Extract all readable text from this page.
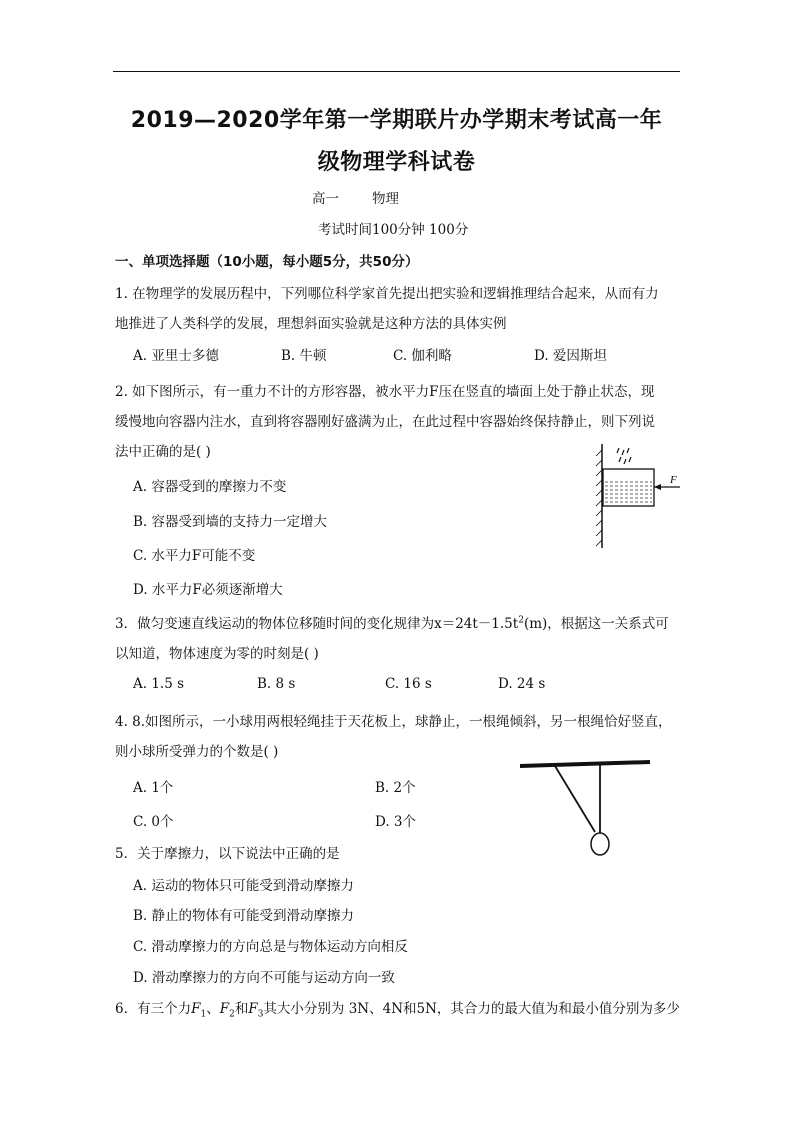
2019—2020学年第一学期联片办学期末考试高一年
级物理学科试卷
高一 物理
考试时间100分钟 100分
一、单项选择题（10小题，每小题5分，共50分）
1. 在物理学的发展历程中，下列哪位科学家首先提出把实验和逻辑推理结合起来，从而有力
地推进了人类科学的发展，理想斜面实验就是这种方法的具体实例
A. 亚里士多德	B. 牛顿	C. 伽利略	D. 爱因斯坦
2. 如下图所示，有一重力不计的方形容器，被水平力F压在竖直的墙面上处于静止状态，现
缓慢地向容器内注水，直到将容器刚好盛满为止，在此过程中容器始终保持静止，则下列说
法中正确的是( )
A. 容器受到的摩擦力不变
B. 容器受到墙的支持力一定增大
C. 水平力F可能不变
D. 水平力F必须逐渐增大
F
3．做匀变速直线运动的物体位移随时间的变化规律为$x=24t-1.5t^2(m)$，根据这一关系式可
以知道，物体速度为零的时刻是( )
A. 1.5 s	B. 8 s	C. 16 s	D. 24 s
4. 8.如图所示，一小球用两根轻绳挂于天花板上，球静止，一根绳倾斜，另一根绳恰好竖直，
则小球所受弹力的个数是( )
A. 1个	B. 2个
C. 0个	D. 3个
5．关于摩擦力，以下说法中正确的是
A. 运动的物体只可能受到滑动摩擦力
B. 静止的物体有可能受到滑动摩擦力
C. 滑动摩擦力的方向总是与物体运动方向相反
D. 滑动摩擦力的方向不可能与运动方向一致
6．有三个力$F_1$、$F_2$和$F_3$其大小分别为 3N、4N和5N，其合力的最大值为和最小值分别为多少
